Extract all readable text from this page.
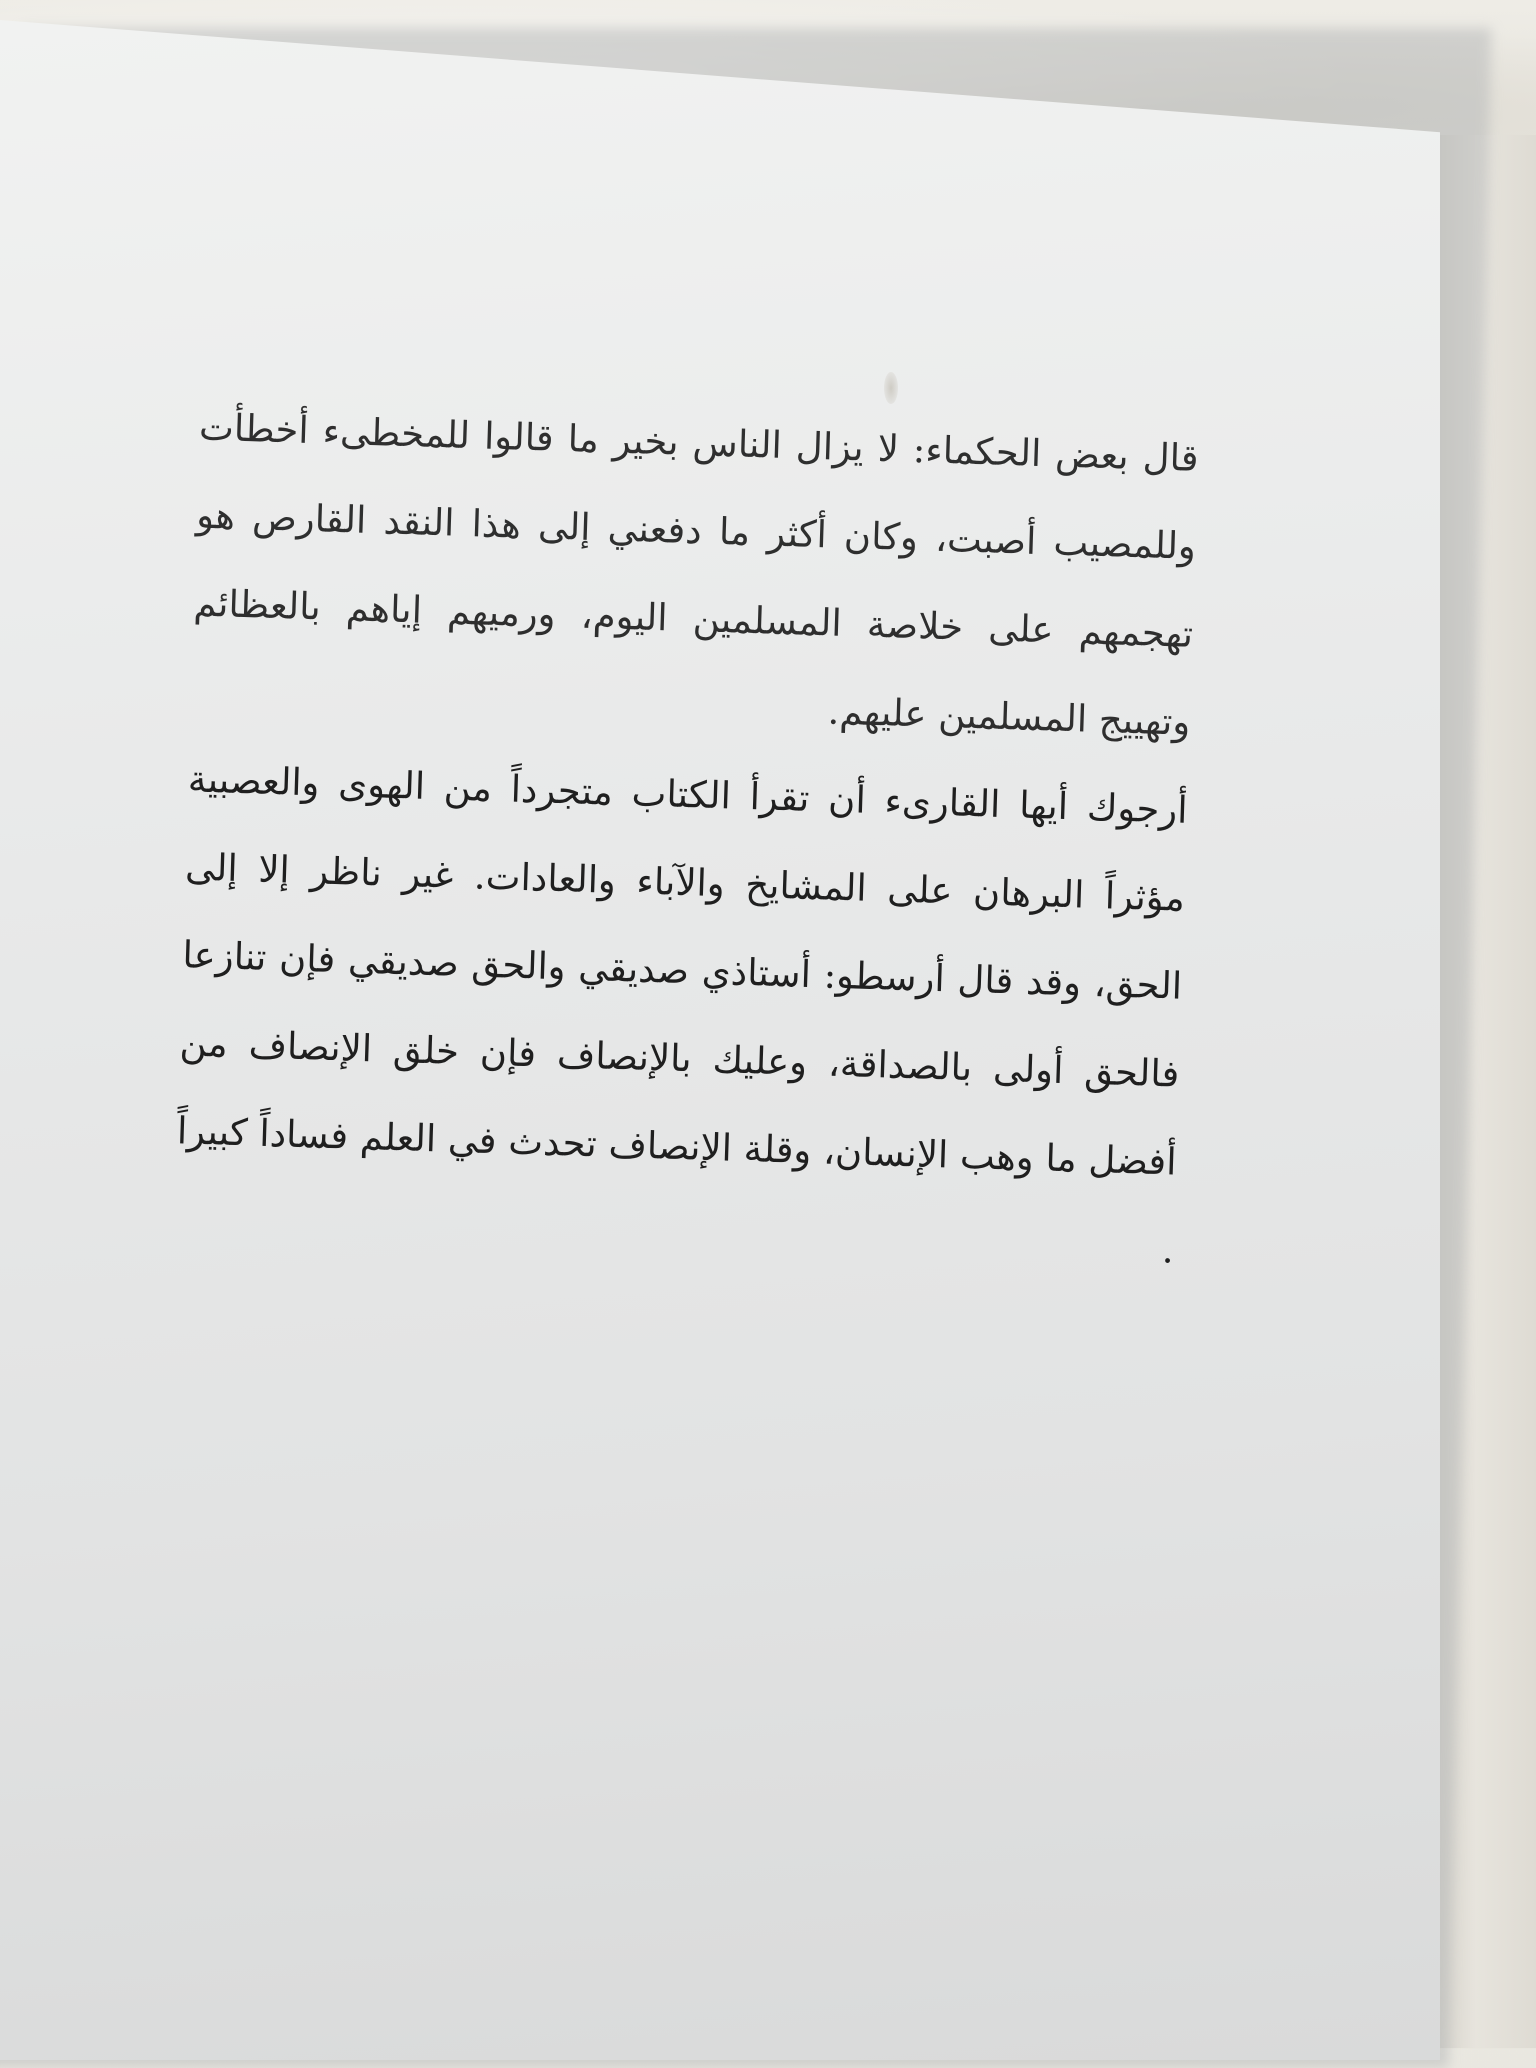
قال بعض الحكماء: لا يزال الناس بخير ما قالوا للمخطىء أخطأت وللمصيب أصبت، وكان أكثر ما دفعني إلى هذا النقد القارص هو تهجمهم على خلاصة المسلمين اليوم، ورميهم إياهم بالعظائم وتهييج المسلمين عليهم.

أرجوك أيها القارىء أن تقرأ الكتاب متجرداً من الهوى والعصبية مؤثراً البرهان على المشايخ والآباء والعادات. غير ناظر إلا إلى الحق، وقد قال أرسطو: أستاذي صديقي والحق صديقي فإن تنازعا فالحق أولى بالصداقة، وعليك بالإنصاف فإن خلق الإنصاف من أفضل ما وهب الإنسان، وقلة الإنصاف تحدث في العلم فساداً كبيراً .
